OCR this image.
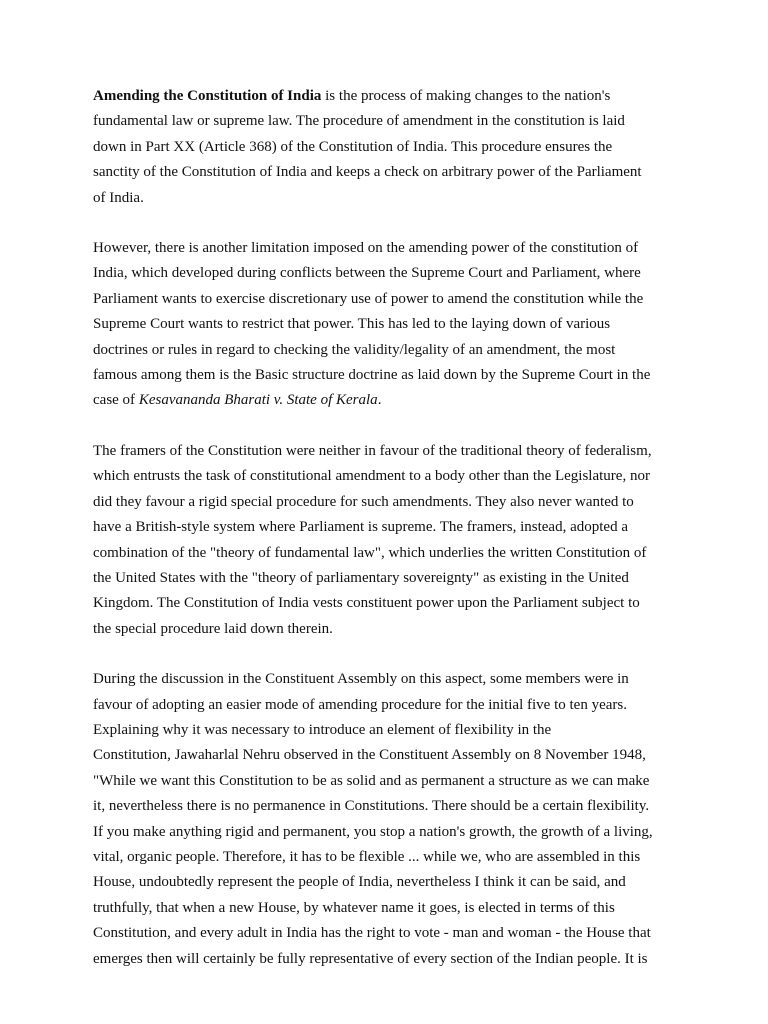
Amending the Constitution of India is the process of making changes to the nation's
fundamental law or supreme law. The procedure of amendment in the constitution is laid
down in Part XX (Article 368) of the Constitution of India. This procedure ensures the
sanctity of the Constitution of India and keeps a check on arbitrary power of the Parliament
of India.

However, there is another limitation imposed on the amending power of the constitution of
India, which developed during conflicts between the Supreme Court and Parliament, where
Parliament wants to exercise discretionary use of power to amend the constitution while the
Supreme Court wants to restrict that power. This has led to the laying down of various
doctrines or rules in regard to checking the validity/legality of an amendment, the most
famous among them is the Basic structure doctrine as laid down by the Supreme Court in the
case of Kesavananda Bharati v. State of Kerala.

The framers of the Constitution were neither in favour of the traditional theory of federalism,
which entrusts the task of constitutional amendment to a body other than the Legislature, nor
did they favour a rigid special procedure for such amendments. They also never wanted to
have a British-style system where Parliament is supreme. The framers, instead, adopted a
combination of the "theory of fundamental law", which underlies the written Constitution of
the United States with the "theory of parliamentary sovereignty" as existing in the United
Kingdom. The Constitution of India vests constituent power upon the Parliament subject to
the special procedure laid down therein.

During the discussion in the Constituent Assembly on this aspect, some members were in
favour of adopting an easier mode of amending procedure for the initial five to ten years.
Explaining why it was necessary to introduce an element of flexibility in the
Constitution, Jawaharlal Nehru observed in the Constituent Assembly on 8 November 1948,
"While we want this Constitution to be as solid and as permanent a structure as we can make
it, nevertheless there is no permanence in Constitutions. There should be a certain flexibility.
If you make anything rigid and permanent, you stop a nation's growth, the growth of a living,
vital, organic people. Therefore, it has to be flexible ... while we, who are assembled in this
House, undoubtedly represent the people of India, nevertheless I think it can be said, and
truthfully, that when a new House, by whatever name it goes, is elected in terms of this
Constitution, and every adult in India has the right to vote - man and woman - the House that
emerges then will certainly be fully representative of every section of the Indian people. It is
